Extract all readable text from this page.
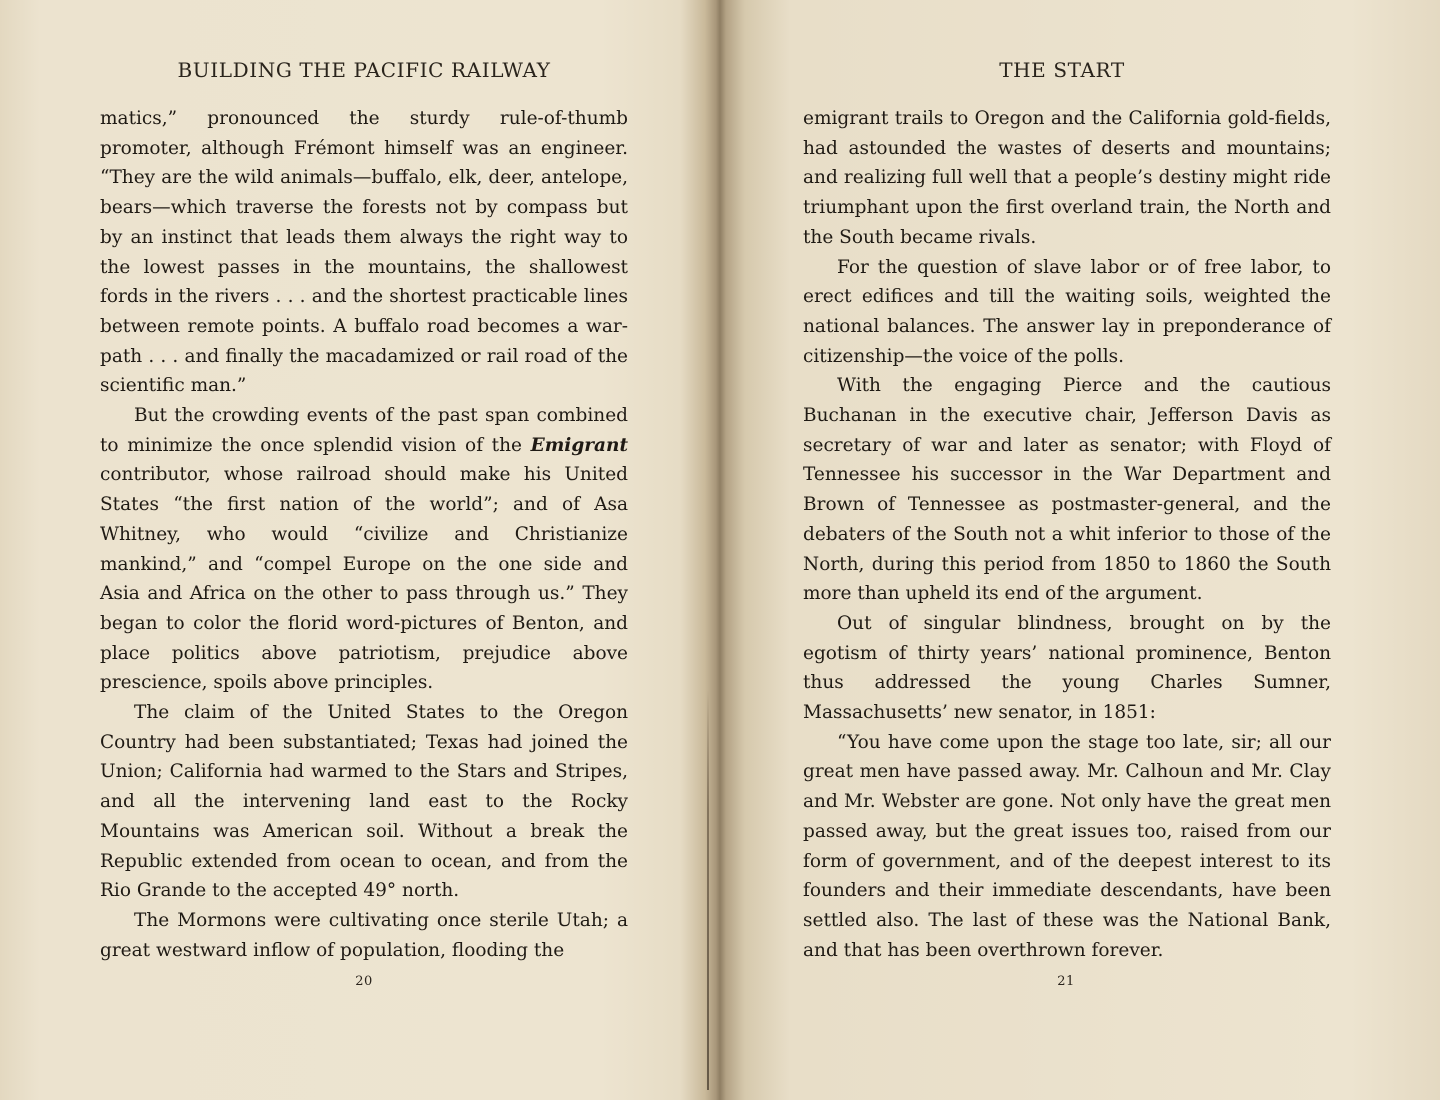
BUILDING THE PACIFIC RAILWAY

matics,” pronounced the sturdy rule-of-thumb promoter, although Frémont himself was an engineer. “They are the wild animals—buffalo, elk, deer, antelope, bears—which traverse the forests not by compass but by an instinct that leads them always the right way to the lowest passes in the mountains, the shallowest fords in the rivers . . . and the shortest practicable lines between remote points. A buffalo road becomes a war-path . . . and finally the macadamized or rail road of the scientific man.”

But the crowding events of the past span combined to minimize the once splendid vision of the Emigrant contributor, whose railroad should make his United States “the first nation of the world”; and of Asa Whitney, who would “civilize and Christianize mankind,” and “compel Europe on the one side and Asia and Africa on the other to pass through us.” They began to color the florid word-pictures of Benton, and place politics above patriotism, prejudice above prescience, spoils above principles.

The claim of the United States to the Oregon Country had been substantiated; Texas had joined the Union; California had warmed to the Stars and Stripes, and all the intervening land east to the Rocky Mountains was American soil. Without a break the Republic extended from ocean to ocean, and from the Rio Grande to the accepted 49° north.

The Mormons were cultivating once sterile Utah; a great westward inflow of population, flooding the

20
THE START

emigrant trails to Oregon and the California gold-fields, had astounded the wastes of deserts and mountains; and realizing full well that a people’s destiny might ride triumphant upon the first overland train, the North and the South became rivals.

For the question of slave labor or of free labor, to erect edifices and till the waiting soils, weighted the national balances. The answer lay in preponderance of citizenship—the voice of the polls.

With the engaging Pierce and the cautious Buchanan in the executive chair, Jefferson Davis as secretary of war and later as senator; with Floyd of Tennessee his successor in the War Department and Brown of Tennessee as postmaster-general, and the debaters of the South not a whit inferior to those of the North, during this period from 1850 to 1860 the South more than upheld its end of the argument.

Out of singular blindness, brought on by the egotism of thirty years’ national prominence, Benton thus addressed the young Charles Sumner, Massachusetts’ new senator, in 1851:

“You have come upon the stage too late, sir; all our great men have passed away. Mr. Calhoun and Mr. Clay and Mr. Webster are gone. Not only have the great men passed away, but the great issues too, raised from our form of government, and of the deepest interest to its founders and their immediate descendants, have been settled also. The last of these was the National Bank, and that has been overthrown forever.

21
